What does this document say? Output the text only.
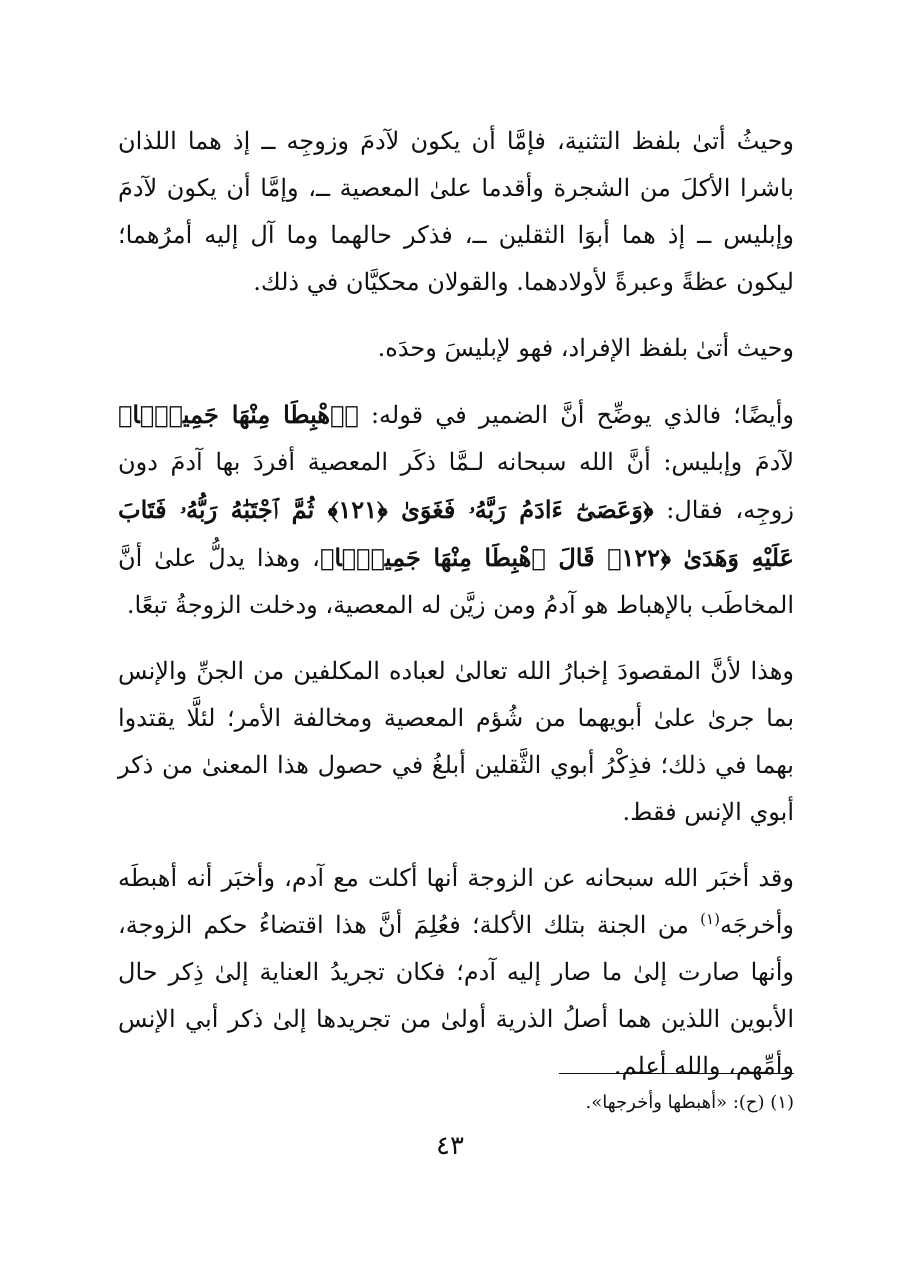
وحيثُ أتىٰ بلفظ التثنية، فإمَّا أن يكون لآدمَ وزوجِه ــ إذ هما اللذان باشرا الأكلَ من الشجرة وأقدما علىٰ المعصية ــ، وإمَّا أن يكون لآدمَ وإبليس ــ إذ هما أبوَا الثقلين ــ، فذكر حالهما وما آل إليه أمرُهما؛ ليكون عظةً وعبرةً لأولادهما. والقولان محكيَّان في ذلك.

وحيث أتىٰ بلفظ الإفراد، فهو لإبليسَ وحدَه.

وأيضًا؛ فالذي يوضِّح أنَّ الضمير في قوله: ﴿ٱهْبِطَا مِنْهَا جَمِيعًۢا﴾ لآدمَ وإبليس: أنَّ الله سبحانه لـمَّا ذكَر المعصية أفردَ بها آدمَ دون زوجِه، فقال: ﴿وَعَصَىٰٓ ءَادَمُ رَبَّهُۥ فَغَوَىٰ ﴿١٢١﴾ ثُمَّ ٱجْتَبَٰهُ رَبُّهُۥ فَتَابَ عَلَيْهِ وَهَدَىٰ ﴿١٢٢﴾ قَالَ ٱهْبِطَا مِنْهَا جَمِيعًۢا﴾، وهذا يدلُّ علىٰ أنَّ المخاطَب بالإهباط هو آدمُ ومن زيَّن له المعصية، ودخلت الزوجةُ تبعًا.

وهذا لأنَّ المقصودَ إخبارُ الله تعالىٰ لعباده المكلفين من الجنِّ والإنس بما جرىٰ علىٰ أبويهما من شُؤم المعصية ومخالفة الأمر؛ لئلَّا يقتدوا بهما في ذلك؛ فذِكْرُ أبوي الثَّقلين أبلغُ في حصول هذا المعنىٰ من ذكر أبوي الإنس فقط.

وقد أخبَر الله سبحانه عن الزوجة أنها أكلت مع آدم، وأخبَر أنه أهبطَه وأخرجَه$^{(١)}$ من الجنة بتلك الأكلة؛ فعُلِمَ أنَّ هذا اقتضاءُ حكم الزوجة، وأنها صارت إلىٰ ما صار إليه آدم؛ فكان تجريدُ العناية إلىٰ ذِكر حال الأبوين اللذين هما أصلُ الذرية أولىٰ من تجريدها إلىٰ ذكر أبي الإنس وأمِّهم، والله أعلم.

(١) (ح): «أهبطها وأخرجها».
٤٣
